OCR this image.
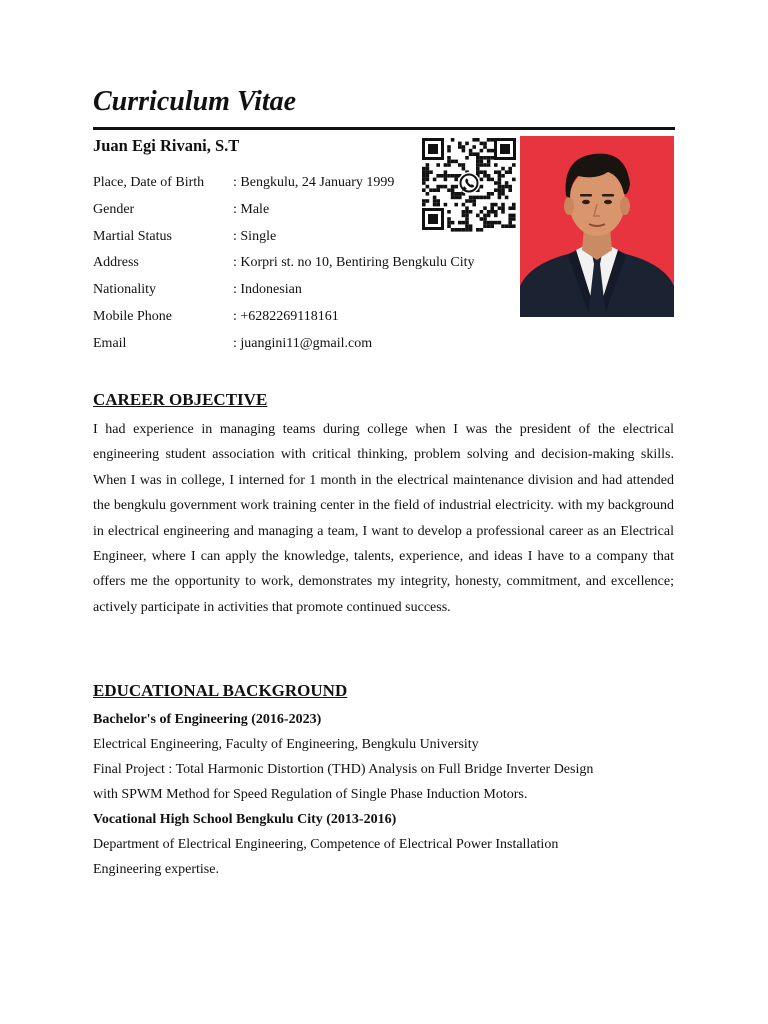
Curriculum Vitae
Juan Egi Rivani, S.T
Place, Date of Birth	: Bengkulu, 24 January 1999
Gender	: Male
Martial Status	: Single
Address	: Korpri st. no 10, Bentiring Bengkulu City
Nationality	: Indonesian
Mobile Phone	: +6282269118161
Email	: juangini11@gmail.com
CAREER OBJECTIVE

I had experience in managing teams during college when I was the president of the electrical engineering student association with critical thinking, problem solving and decision-making skills. When I was in college, I interned for 1 month in the electrical maintenance division and had attended the bengkulu government work training center in the field of industrial electricity. with my background in electrical engineering and managing a team, I want to develop a professional career as an Electrical Engineer, where I can apply the knowledge, talents, experience, and ideas I have to a company that offers me the opportunity to work, demonstrates my integrity, honesty, commitment, and excellence; actively participate in activities that promote continued success.

EDUCATIONAL BACKGROUND
Bachelor's of Engineering (2016-2023)
Electrical Engineering, Faculty of Engineering, Bengkulu University
Final Project : Total Harmonic Distortion (THD) Analysis on Full Bridge Inverter Design
with SPWM Method for Speed Regulation of Single Phase Induction Motors.
Vocational High School Bengkulu City (2013-2016)
Department of Electrical Engineering, Competence of Electrical Power Installation
Engineering expertise.
